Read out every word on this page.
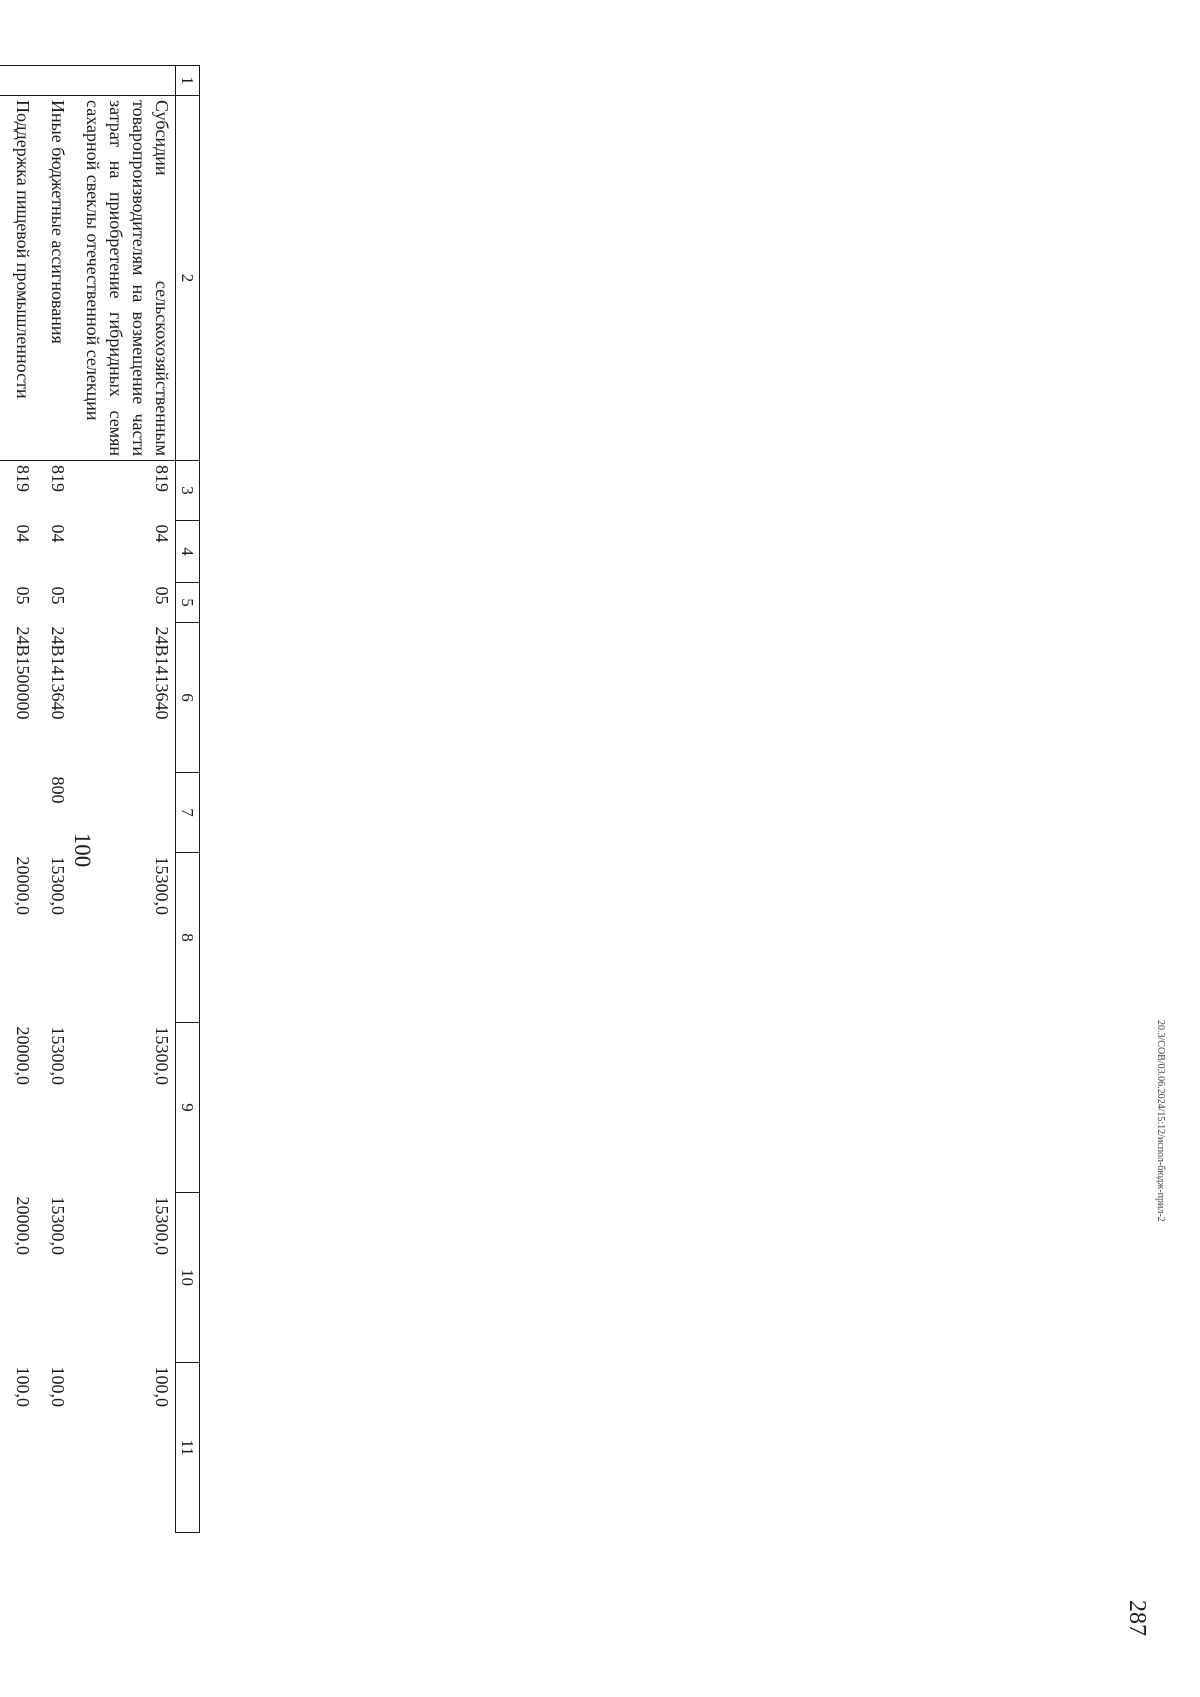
20.3/СОВ/03.06.2024/15:12/испол-бюдж-прил-2
287
1	2	3	4	5	6	7	8	9	10	11
	Субсидии сельскохозяйственным товаропроизводителям на возмещение части затрат на приобретение гибридных семян сахарной свеклы отечественной селекции	819	04	05	24В1413640		15300,0	15300,0	15300,0	100,0
	Иные бюджетные ассигнования	819	04	05	24В1413640	800	15300,0	15300,0	15300,0	100,0
	Поддержка пищевой промышленности	819	04	05	24В1500000		20000,0	20000,0	20000,0	100,0

100
